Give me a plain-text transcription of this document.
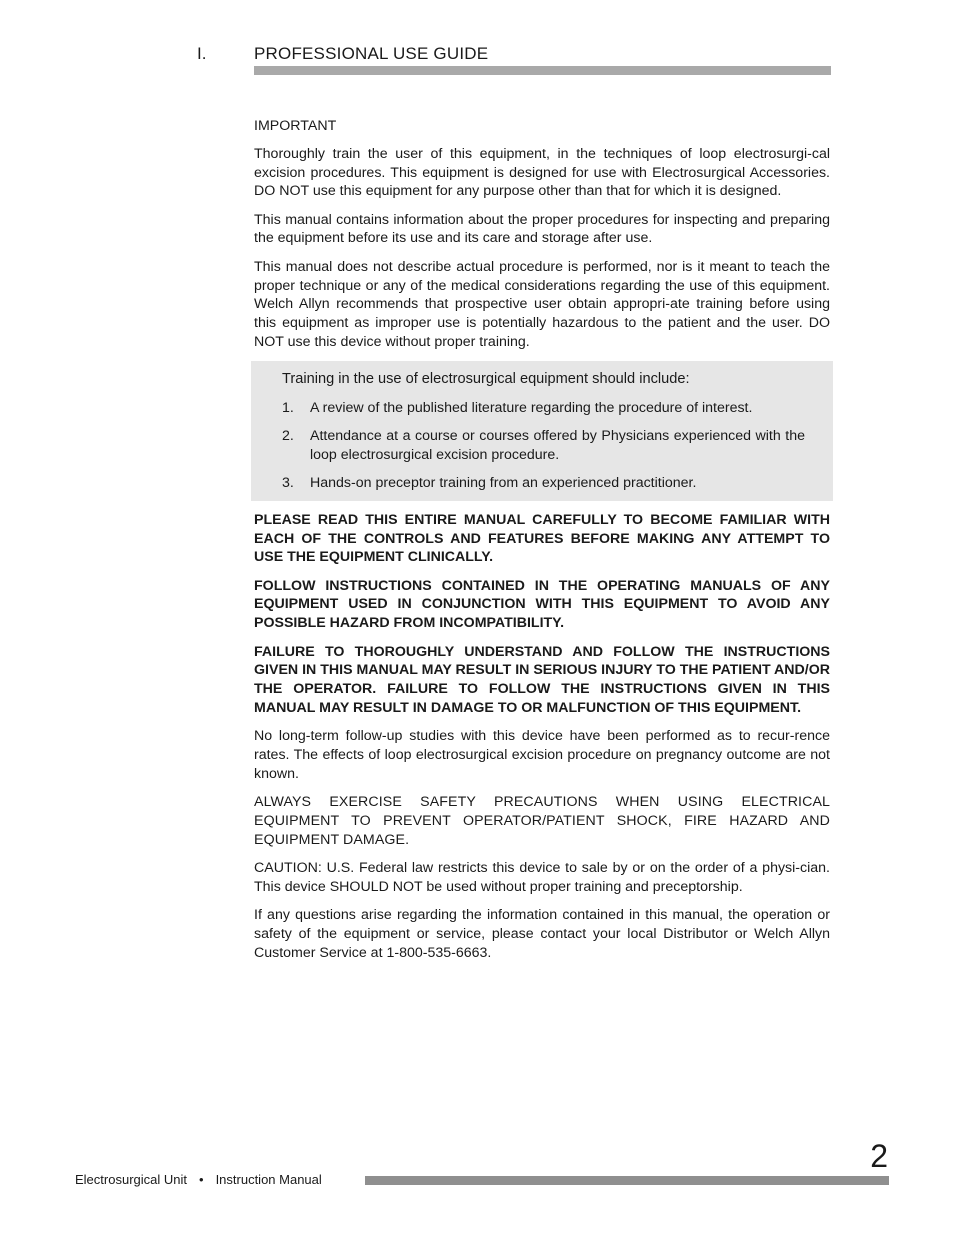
I.	PROFESSIONAL USE GUIDE

IMPORTANT

Thoroughly train the user of this equipment, in the techniques of loop electrosurgi-cal excision procedures. This equipment is designed for use with Electrosurgical Accessories. DO NOT use this equipment for any purpose other than that for which it is designed.

This manual contains information about the proper procedures for inspecting and preparing the equipment before its use and its care and storage after use.

This manual does not describe actual procedure is performed, nor is it meant to teach the proper technique or any of the medical considerations regarding the use of this equipment. Welch Allyn recommends that prospective user obtain appropri-ate training before using this equipment as improper use is potentially hazardous to the patient and the user. DO NOT use this device without proper training.

Training in the use of electrosurgical equipment should include:

1.	A review of the published literature regarding the procedure of interest.
2.	Attendance at a course or courses offered by Physicians experienced with the loop electrosurgical excision procedure.
3.	Hands-on preceptor training from an experienced practitioner.

PLEASE READ THIS ENTIRE MANUAL CAREFULLY TO BECOME FAMILIAR WITH EACH OF THE CONTROLS AND FEATURES BEFORE MAKING ANY ATTEMPT TO USE THE EQUIPMENT CLINICALLY.

FOLLOW INSTRUCTIONS CONTAINED IN THE OPERATING MANUALS OF ANY EQUIPMENT USED IN CONJUNCTION WITH THIS EQUIPMENT TO AVOID ANY POSSIBLE HAZARD FROM INCOMPATIBILITY.

FAILURE TO THOROUGHLY UNDERSTAND AND FOLLOW THE INSTRUCTIONS GIVEN IN THIS MANUAL MAY RESULT IN SERIOUS INJURY TO THE PATIENT AND/OR THE OPERATOR. FAILURE TO FOLLOW THE INSTRUCTIONS GIVEN IN THIS MANUAL MAY RESULT IN DAMAGE TO OR MALFUNCTION OF THIS EQUIPMENT.

No long-term follow-up studies with this device have been performed as to recur-rence rates. The effects of loop electrosurgical excision procedure on pregnancy outcome are not known.

ALWAYS EXERCISE SAFETY PRECAUTIONS WHEN USING ELECTRICAL EQUIPMENT TO PREVENT OPERATOR/PATIENT SHOCK, FIRE HAZARD AND EQUIPMENT DAMAGE.

CAUTION: U.S. Federal law restricts this device to sale by or on the order of a physi-cian. This device SHOULD NOT be used without proper training and preceptorship.

If any questions arise regarding the information contained in this manual, the operation or safety of the equipment or service, please contact your local Distributor or Welch Allyn Customer Service at 1-800-535-6663.

2
Electrosurgical Unit • Instruction Manual
